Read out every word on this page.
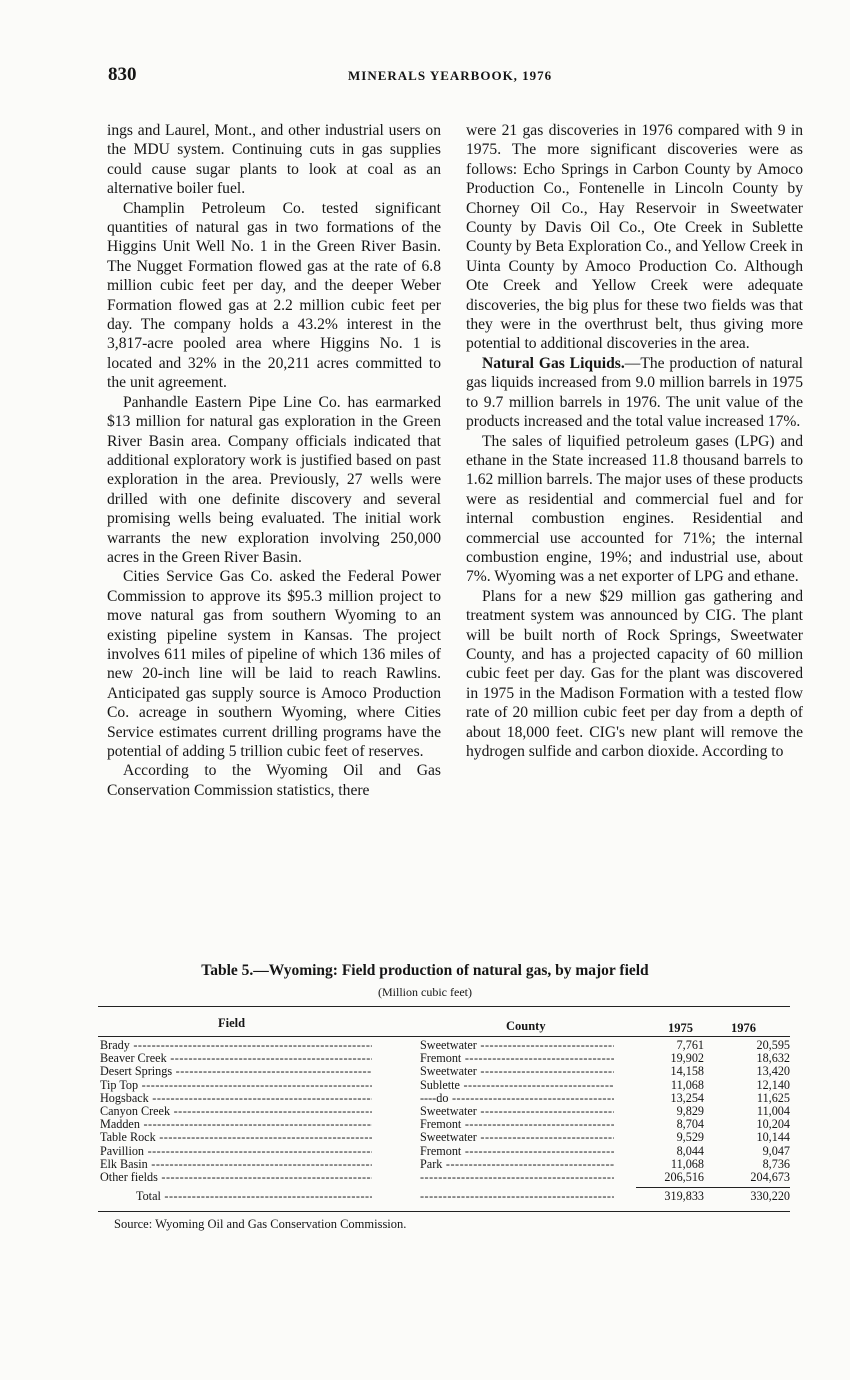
830	MINERALS YEARBOOK, 1976

ings and Laurel, Mont., and other industrial users on the MDU system. Continuing cuts in gas supplies could cause sugar plants to look at coal as an alternative boiler fuel.

Champlin Petroleum Co. tested significant quantities of natural gas in two formations of the Higgins Unit Well No. 1 in the Green River Basin. The Nugget Formation flowed gas at the rate of 6.8 million cubic feet per day, and the deeper Weber Formation flowed gas at 2.2 million cubic feet per day. The company holds a 43.2% interest in the 3,817-acre pooled area where Higgins No. 1 is located and 32% in the 20,211 acres committed to the unit agreement.

Panhandle Eastern Pipe Line Co. has earmarked $13 million for natural gas exploration in the Green River Basin area. Company officials indicated that additional exploratory work is justified based on past exploration in the area. Previously, 27 wells were drilled with one definite discovery and several promising wells being evaluated. The initial work warrants the new exploration involving 250,000 acres in the Green River Basin.

Cities Service Gas Co. asked the Federal Power Commission to approve its $95.3 million project to move natural gas from southern Wyoming to an existing pipeline system in Kansas. The project involves 611 miles of pipeline of which 136 miles of new 20-inch line will be laid to reach Rawlins. Anticipated gas supply source is Amoco Production Co. acreage in southern Wyoming, where Cities Service estimates current drilling programs have the potential of adding 5 trillion cubic feet of reserves.

According to the Wyoming Oil and Gas Conservation Commission statistics, there

were 21 gas discoveries in 1976 compared with 9 in 1975. The more significant discoveries were as follows: Echo Springs in Carbon County by Amoco Production Co., Fontenelle in Lincoln County by Chorney Oil Co., Hay Reservoir in Sweetwater County by Davis Oil Co., Ote Creek in Sublette County by Beta Exploration Co., and Yellow Creek in Uinta County by Amoco Production Co. Although Ote Creek and Yellow Creek were adequate discoveries, the big plus for these two fields was that they were in the overthrust belt, thus giving more potential to additional discoveries in the area.

Natural Gas Liquids.—The production of natural gas liquids increased from 9.0 million barrels in 1975 to 9.7 million barrels in 1976. The unit value of the products increased and the total value increased 17%.

The sales of liquified petroleum gases (LPG) and ethane in the State increased 11.8 thousand barrels to 1.62 million barrels. The major uses of these products were as residential and commercial fuel and for internal combustion engines. Residential and commercial use accounted for 71%; the internal combustion engine, 19%; and industrial use, about 7%. Wyoming was a net exporter of LPG and ethane.

Plans for a new $29 million gas gathering and treatment system was announced by CIG. The plant will be built north of Rock Springs, Sweetwater County, and has a projected capacity of 60 million cubic feet per day. Gas for the plant was discovered in 1975 in the Madison Formation with a tested flow rate of 20 million cubic feet per day from a depth of about 18,000 feet. CIG's new plant will remove the hydrogen sulfide and carbon dioxide. According to

Table 5.—Wyoming: Field production of natural gas, by major field
(Million cubic feet)
Field	County	1975	1976
Brady -----	Sweetwater -----	7,761	20,595
Beaver Creek -----	Fremont -----	19,902	18,632
Desert Springs -----	Sweetwater -----	14,158	13,420
Tip Top -----	Sublette -----	11,068	12,140
Hogsback -----	----do -----	13,254	11,625
Canyon Creek -----	Sweetwater -----	9,829	11,004
Madden -----	Fremont -----	8,704	10,204
Table Rock -----	Sweetwater -----	9,529	10,144
Pavillion -----	Fremont -----	8,044	9,047
Elk Basin -----	Park -----	11,068	8,736
Other fields ----- -----	206,516	204,673
Total ----- -----	319,833	330,220
Source: Wyoming Oil and Gas Conservation Commission.
